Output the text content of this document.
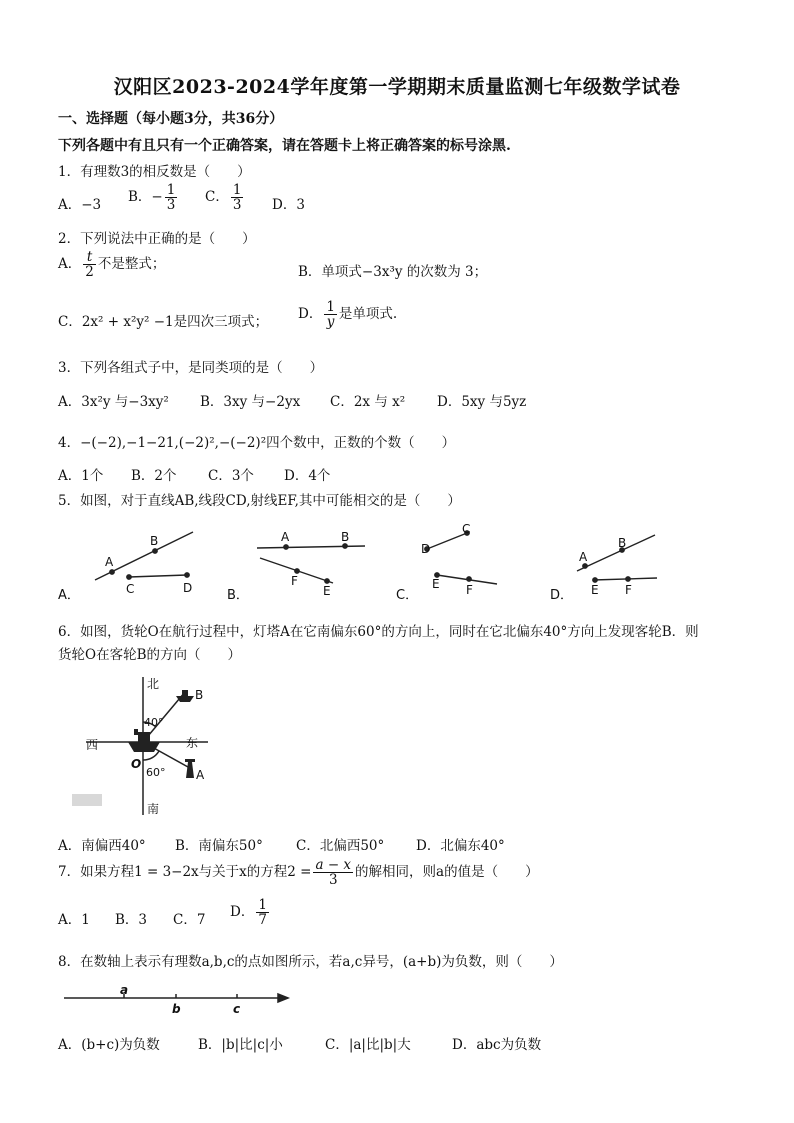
汉阳区2023-2024学年度第一学期期末质量监测七年级数学试卷
一、选择题（每小题3分，共36分）
下列各题中有且只有一个正确答案，请在答题卡上将正确答案的标号涂黑.
1．有理数3的相反数是（　　）
A．−3 B．− $\frac{1}{3}$ C． $\frac{1}{3}$ D．3
2．下列说法中正确的是（　　）
A． $\frac{t}{2}$ 不是整式；	B．单项式−3x³y 的次数为 3；
C．2x² + x²y² −1是四次三项式； D． $\frac{1}{y}$ 是单项式.
3．下列各组式子中，是同类项的是（　　）
A．3x²y 与−3xy² B．3xy 与−2yx C．2x 与 x² D．5xy 与5yz
4．−(−2),−1−21,(−2)²,−(−2)²四个数中，正数的个数（　　）
A．1个 B．2个 C．3个 D．4个
5．如图，对于直线AB,线段CD,射线EF,其中可能相交的是（　　）
A
B
C	D
A	B
F
E
D
C
E F
A
B
E F
A．	B．	C．	D．
6．如图，货轮O在航行过程中，灯塔A在它南偏东60°的方向上，同时在它北偏东40°方向上发现客轮B．则
货轮O在客轮B的方向（　　）
北
南
东
西
O
A
B
40°
60°
A．南偏西40° B．南偏东50° C．北偏西50° D．北偏东40°
7．如果方程1 = 3−2x与关于x的方程$2 = \frac{a - x}{3}$ 的解相同，则a的值是（　　）
A．1 B．3 C．7 D． $\frac{1}{7}$
8．在数轴上表示有理数a,b,c的点如图所示，若a,c异号，(a+b)为负数，则（　　）
a
b	c
A．(b+c)为负数	B．|b|比|c|小	C．|a|比|b|大	D．abc为负数
